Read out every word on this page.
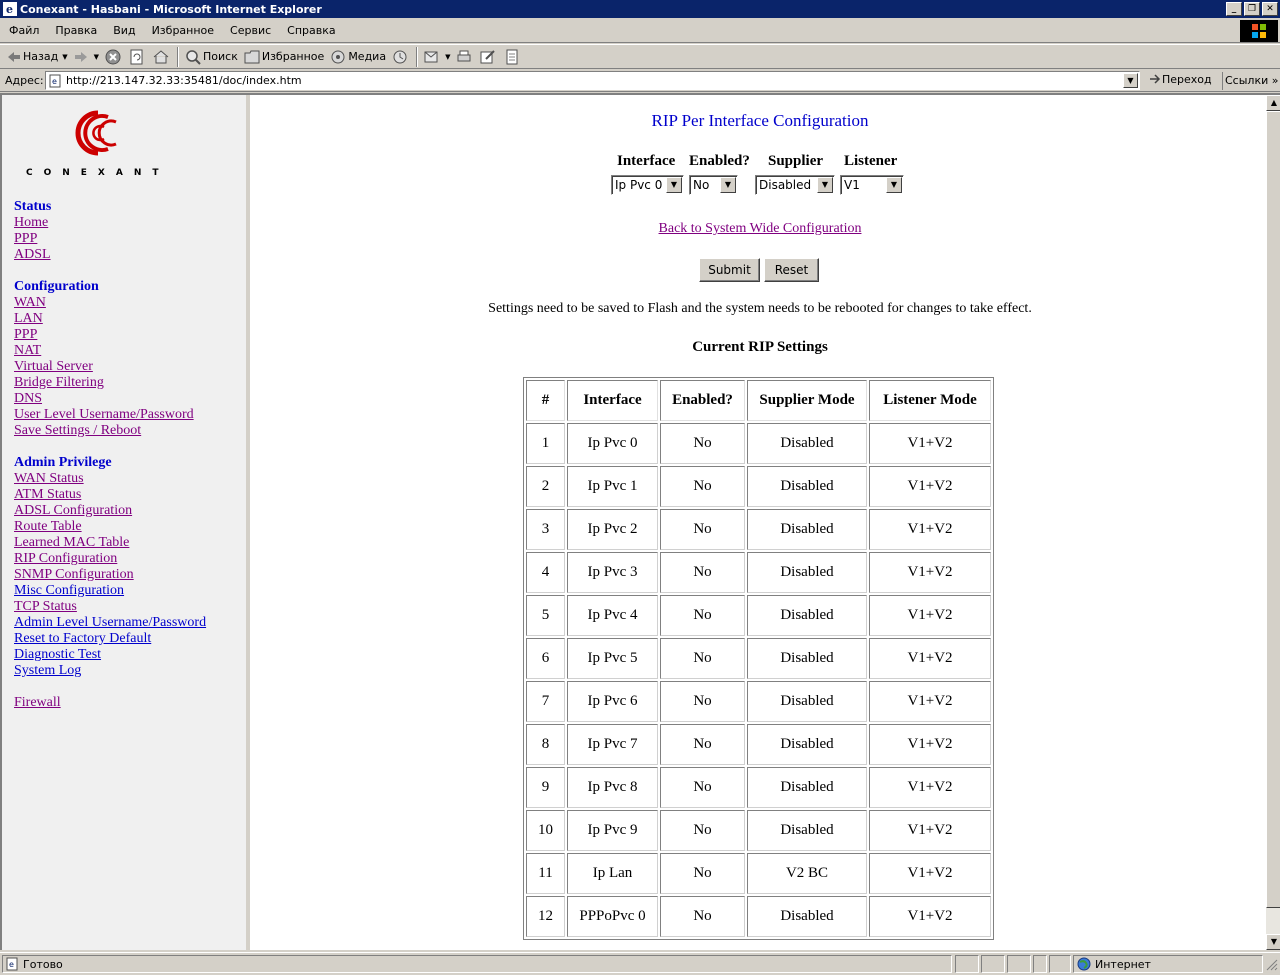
e Conexant - Hasbani - Microsoft Internet Explorer	_	❐	✕
Файл	Правка	Вид	Избранное	Сервис	Справка
Назад ▼	▼	Поиск Избранное Медиа	▼
Адрес: e http://213.147.32.33:35481/doc/index.htm	▼	Переход Ссылки »
CONEXANT
Status
Home
PPP
ADSL
Configuration
WAN
LAN
PPP
NAT
Virtual Server
Bridge Filtering
DNS
User Level Username/Password
Save Settings / Reboot
Admin Privilege
WAN Status
ATM Status
ADSL Configuration
Route Table
Learned MAC Table
RIP Configuration
SNMP Configuration
Misc Configuration
TCP Status
Admin Level Username/Password
Reset to Factory Default
Diagnostic Test
System Log
Firewall
RIP Per Interface Configuration
Interface Enabled? Supplier Listener
Ip Pvc 0	▼	No	▼	Disabled	▼	V1	▼
Back to System Wide Configuration
Submit	Reset
Settings need to be saved to Flash and the system needs to be rebooted for changes to take effect.
Current RIP Settings
#	Interface	Enabled?	Supplier Mode	Listener Mode
1	Ip Pvc 0	No	Disabled	V1+V2
2	Ip Pvc 1	No	Disabled	V1+V2
3	Ip Pvc 2	No	Disabled	V1+V2
4	Ip Pvc 3	No	Disabled	V1+V2
5	Ip Pvc 4	No	Disabled	V1+V2
6	Ip Pvc 5	No	Disabled	V1+V2
7	Ip Pvc 6	No	Disabled	V1+V2
8	Ip Pvc 7	No	Disabled	V1+V2
9	Ip Pvc 8	No	Disabled	V1+V2
10	Ip Pvc 9	No	Disabled	V1+V2
11	Ip Lan	No	V2 BC	V1+V2
12	PPPoPvc 0	No	Disabled	V1+V2
▲
▼
e Готово	Интернет
